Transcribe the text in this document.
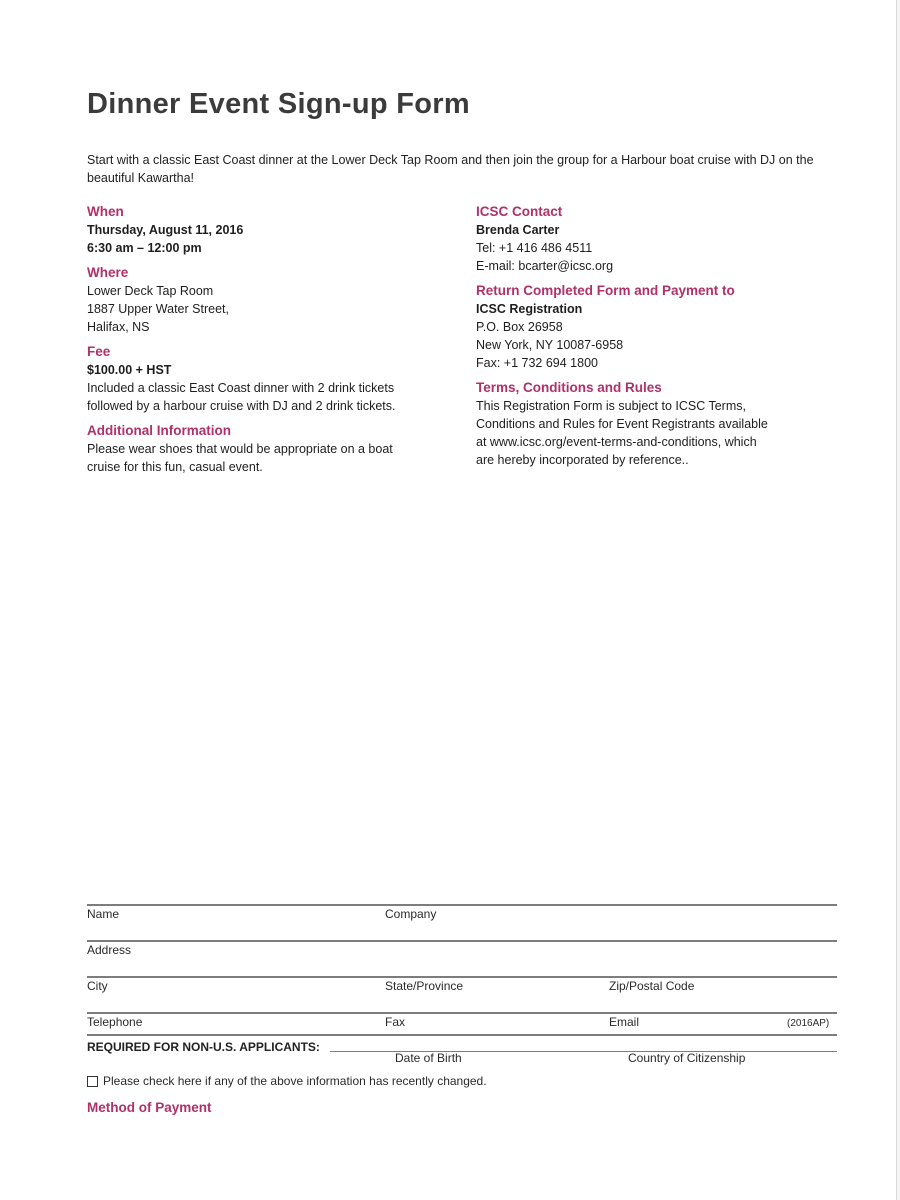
Dinner Event Sign-up Form
Start with a classic East Coast dinner at the Lower Deck Tap Room and then join the group for a Harbour boat cruise with DJ on the beautiful Kawartha!
When
Thursday, August 11, 2016
6:30 am – 12:00 pm
Where
Lower Deck Tap Room
1887 Upper Water Street,
Halifax, NS
Fee
$100.00 + HST
Included a classic East Coast dinner with 2 drink tickets
followed by a harbour cruise with DJ and 2 drink tickets.
Additional Information
Please wear shoes that would be appropriate on a boat
cruise for this fun, casual event.
ICSC Contact
Brenda Carter
Tel: +1 416 486 4511
E-mail: bcarter@icsc.org
Return Completed Form and Payment to
ICSC Registration
P.O. Box 26958
New York, NY 10087-6958
Fax: +1 732 694 1800
Terms, Conditions and Rules
This Registration Form is subject to ICSC Terms,
Conditions and Rules for Event Registrants available
at www.icsc.org/event-terms-and-conditions, which
are hereby incorporated by reference..
Name	Company
Address
City	State/Province	Zip/Postal Code
Telephone	Fax	Email	(2016AP)
REQUIRED FOR NON-U.S. APPLICANTS:
Date of Birth	Country of Citizenship
Please check here if any of the above information has recently changed.
Method of Payment
